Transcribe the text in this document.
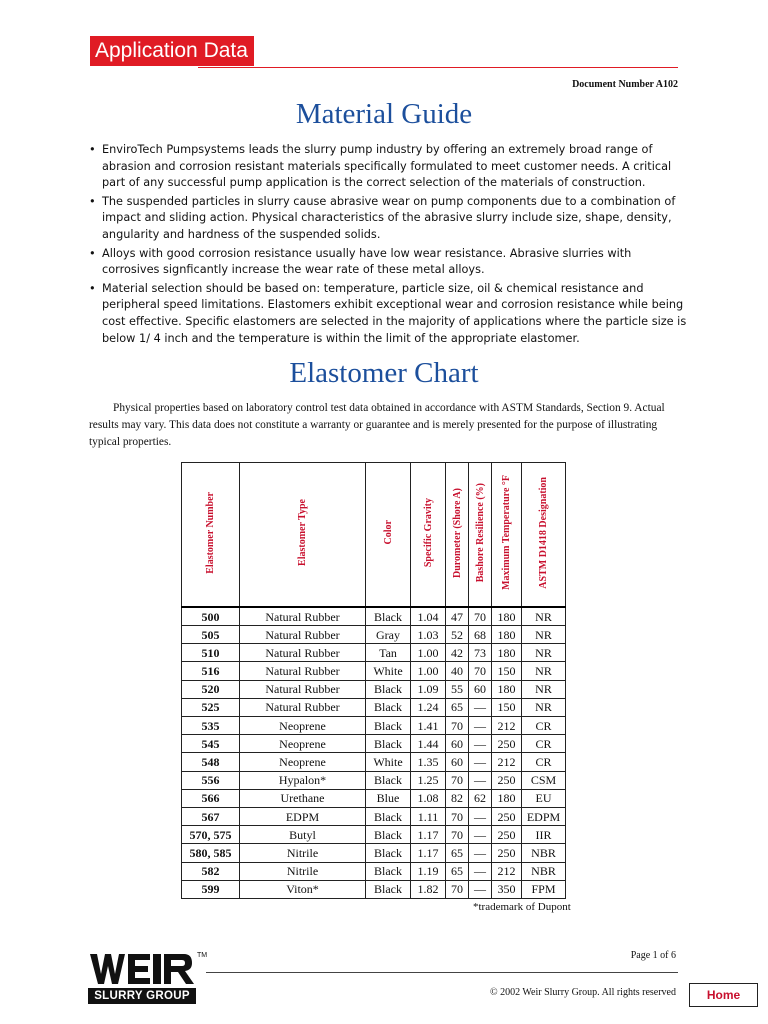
Application Data
Document Number A102
Material Guide
• EnviroTech Pumpsystems leads the slurry pump industry by offering an extremely broad range of abrasion and corrosion resistant materials specifically formulated to meet customer needs. A critical part of any successful pump application is the correct selection of the materials of construction.
• The suspended particles in slurry cause abrasive wear on pump components due to a combination of impact and sliding action. Physical characteristics of the abrasive slurry include size, shape, density, angularity and hardness of the suspended solids.
• Alloys with good corrosion resistance usually have low wear resistance. Abrasive slurries with corrosives signficantly increase the wear rate of these metal alloys.
• Material selection should be based on: temperature, particle size, oil & chemical resistance and peripheral speed limitations. Elastomers exhibit exceptional wear and corrosion resistance while being cost effective. Specific elastomers are selected in the majority of applications where the particle size is below 1/ 4 inch and the temperature is within the limit of the appropriate elastomer.
Elastomer Chart

Physical properties based on laboratory control test data obtained in accordance with ASTM Standards, Section 9. Actual results may vary. This data does not constitute a warranty or guarantee and is merely presented for the purpose of illustrating typical properties.

Elastomer Number	Elastomer Type	Color	Specific Gravity	Durometer (Shore A)	Bashore Resilience (%)	Maximum Temperature °F	ASTM D1418 Designation
500	Natural Rubber	Black	1.04	47	70	180	NR
505	Natural Rubber	Gray	1.03	52	68	180	NR
510	Natural Rubber	Tan	1.00	42	73	180	NR
516	Natural Rubber	White	1.00	40	70	150	NR
520	Natural Rubber	Black	1.09	55	60	180	NR
525	Natural Rubber	Black	1.24	65	—	150	NR
535	Neoprene	Black	1.41	70	—	212	CR
545	Neoprene	Black	1.44	60	—	250	CR
548	Neoprene	White	1.35	60	—	212	CR
556	Hypalon*	Black	1.25	70	—	250	CSM
566	Urethane	Blue	1.08	82	62	180	EU
567	EDPM	Black	1.11	70	—	250	EDPM
570, 575	Butyl	Black	1.17	70	—	250	IIR
580, 585	Nitrile	Black	1.17	65	—	250	NBR
582	Nitrile	Black	1.19	65	—	212	NBR
599	Viton*	Black	1.82	70	—	350	FPM
*trademark of Dupont
Page 1 of 6
© 2002 Weir Slurry Group. All rights reserved
SLURRY GROUP
TM
Home
